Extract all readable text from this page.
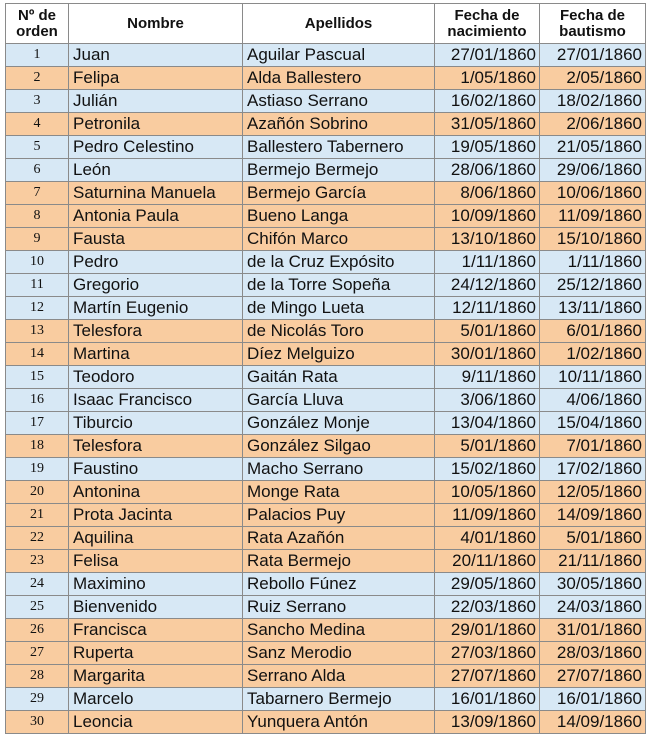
Nº de orden	Nombre	Apellidos	Fecha de nacimiento	Fecha de bautismo
1	Juan	Aguilar Pascual	27/01/1860	27/01/1860
2	Felipa	Alda Ballestero	1/05/1860	2/05/1860
3	Julián	Astiaso Serrano	16/02/1860	18/02/1860
4	Petronila	Azañón Sobrino	31/05/1860	2/06/1860
5	Pedro Celestino	Ballestero Tabernero	19/05/1860	21/05/1860
6	León	Bermejo Bermejo	28/06/1860	29/06/1860
7	Saturnina Manuela	Bermejo García	8/06/1860	10/06/1860
8	Antonia Paula	Bueno Langa	10/09/1860	11/09/1860
9	Fausta	Chifón Marco	13/10/1860	15/10/1860
10	Pedro	de la Cruz Expósito	1/11/1860	1/11/1860
11	Gregorio	de la Torre Sopeña	24/12/1860	25/12/1860
12	Martín Eugenio	de Mingo Lueta	12/11/1860	13/11/1860
13	Telesfora	de Nicolás Toro	5/01/1860	6/01/1860
14	Martina	Díez Melguizo	30/01/1860	1/02/1860
15	Teodoro	Gaitán Rata	9/11/1860	10/11/1860
16	Isaac Francisco	García Lluva	3/06/1860	4/06/1860
17	Tiburcio	González Monje	13/04/1860	15/04/1860
18	Telesfora	González Silgao	5/01/1860	7/01/1860
19	Faustino	Macho Serrano	15/02/1860	17/02/1860
20	Antonina	Monge Rata	10/05/1860	12/05/1860
21	Prota Jacinta	Palacios Puy	11/09/1860	14/09/1860
22	Aquilina	Rata Azañón	4/01/1860	5/01/1860
23	Felisa	Rata Bermejo	20/11/1860	21/11/1860
24	Maximino	Rebollo Fúnez	29/05/1860	30/05/1860
25	Bienvenido	Ruiz Serrano	22/03/1860	24/03/1860
26	Francisca	Sancho Medina	29/01/1860	31/01/1860
27	Ruperta	Sanz Merodio	27/03/1860	28/03/1860
28	Margarita	Serrano Alda	27/07/1860	27/07/1860
29	Marcelo	Tabarnero Bermejo	16/01/1860	16/01/1860
30	Leoncia	Yunquera Antón	13/09/1860	14/09/1860
